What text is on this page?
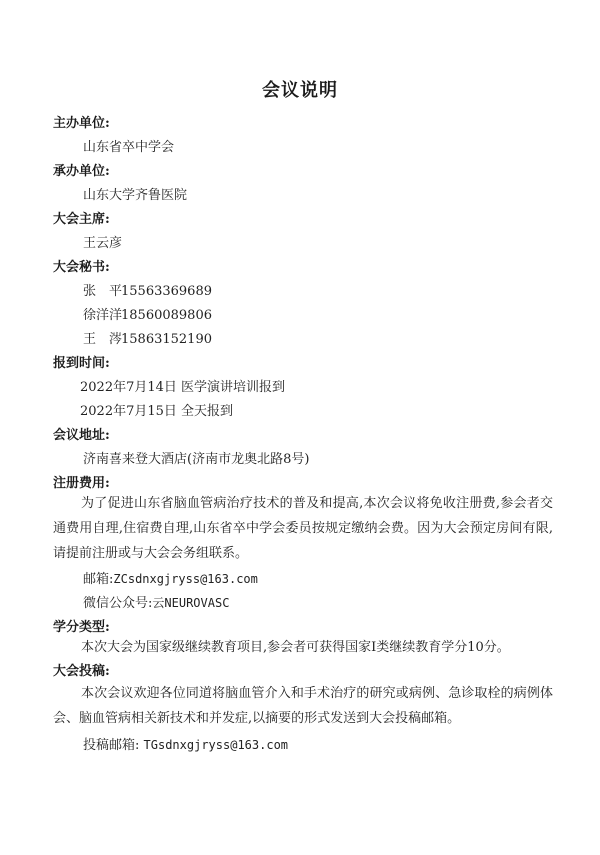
会议说明
主办单位:
山东省卒中学会
承办单位:
山东大学齐鲁医院
大会主席:
王云彦
大会秘书:
张　平15563369689
徐洋洋18560089806
王　涔15863152190
报到时间:
2022年7月14日 医学演讲培训报到
2022年7月15日 全天报到
会议地址:
济南喜来登大酒店(济南市龙奥北路8号)
注册费用:
为了促进山东省脑血管病治疗技术的普及和提高,本次会议将免收注册费,参会者交通费用自理,住宿费自理,山东省卒中学会委员按规定缴纳会费。因为大会预定房间有限,请提前注册或与大会会务组联系。
邮箱:ZCsdnxgjryss@163.com
微信公众号:云NEUROVASC
学分类型:
本次大会为国家级继续教育项目,参会者可获得国家I类继续教育学分10分。
大会投稿:
本次会议欢迎各位同道将脑血管介入和手术治疗的研究或病例、急诊取栓的病例体会、脑血管病相关新技术和并发症,以摘要的形式发送到大会投稿邮箱。
投稿邮箱: TGsdnxgjryss@163.com
